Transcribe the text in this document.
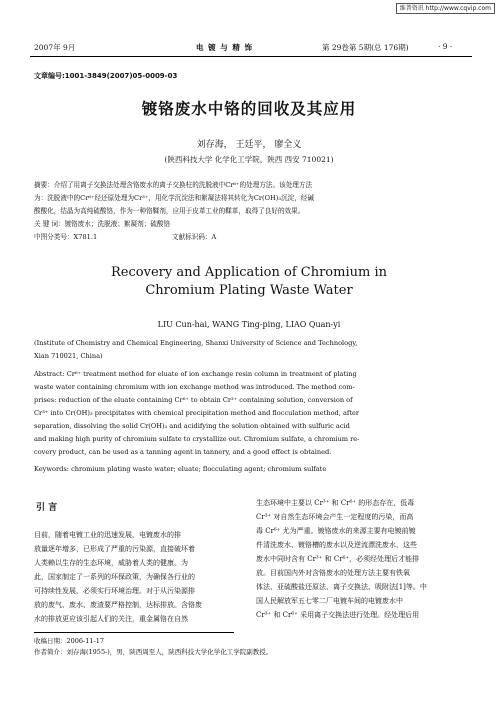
维普资讯 http://www.cqvip.com
2007年 9月	电 镀 与 精 饰	第 29卷第 5期(总 176期)	· 9 ·
文章编号:1001-3849(2007)05-0009-03
镀铬废水中铬的回收及其应用
刘存海， 王廷平， 廖全义
(陕西科技大学 化学化工学院，陕西 西安 710021)
摘要：介绍了用离子交换法处理含铬废水的离子交换柱的洗脱液中Cr⁶⁺的处理方法。该处理方法
为：洗脱液中的Cr⁶⁺经还原处理为Cr³⁺，用化学沉淀法和絮凝法将其转化为Cr(OH)₃沉淀，经碱
酸酸化，结晶为高纯硫酸铬，作为一种铬鞣剂，应用于皮革工业的鞣革，取得了良好的效果。
关 键 词：镀铬废水；洗脱液；絮凝剂；硫酸铬
中图分类号：X781.1	文献标识码：A
Recovery and Application of Chromium in
Chromium Plating Waste Water
LIU Cun-hai, WANG Ting-ping, LIAO Quan-yi
(Institute of Chemistry and Chemical Engineering, Shanxi University of Science and Technology,
Xian 710021, China)
Abstract: Cr⁶⁺ treatment method for eluate of ion exchange resin column in treatment of plating
waste water containing chromium with ion exchange method was introduced. The method com-
prises: reduction of the eluate containing Cr⁶⁺ to obtain Cr³⁺ containing solution, conversion of
Cr³⁺ into Cr(OH)₃ precipitates with chemical precipitation method and flocculation method, after
separation, dissolving the solid Cr(OH)₃ and acidifying the solution obtained with sulfuric acid
and making high purity of chromium sulfate to crystallize out. Chromium sulfate, a chromium re-
covery product, can be used as a tanning agent in tannery, and a good effect is obtained.
Keywords: chromium plating waste water; eluate; flocculating agent; chromium sulfate
引 言
目前，随着电镀工业的迅速发展，电镀废水的排
放量逐年增多，已形成了严重的污染源，直接破坏着
人类赖以生存的生态环境，威胁着人类的健康。为
此，国家制定了一系列的环保政策，为确保各行业的
可持续性发展，必须实行环境治理。对于从污染源排
放的废气、废水、废渣要严格控制，达标排放。含铬废
水的排放更应该引起人们的关注，重金属铬在自然
生态环境中主要以 Cr³⁺ 和 Cr⁶⁺ 的形态存在，低毒
Cr³⁺ 对自然生态环境会产生一定程度的污染，而高
毒 Cr⁶⁺ 尤为严重。镀铬废水的来源主要有电镀前镀
件清洗废水、镀铬槽的废水以及逆流漂洗废水，这些
废水中同时含有 Cr³⁺ 和 Cr⁶⁺，必须经处理后才能排
放。目前国内外对含铬废水的处理方法主要有铁氧
体法、亚硫酸盐还原法、离子交换法、吸附法[1]等。中
国人民解放军五七零二厂电镀车间的电镀废水中
Cr³⁺ 和 Cr⁶⁺ 采用离子交换法进行处理。经处理后用
收稿日期：2006-11-17
作者简介：刘存海(1955-)，男，陕西周至人，陕西科技大学化学化工学院副教授。
